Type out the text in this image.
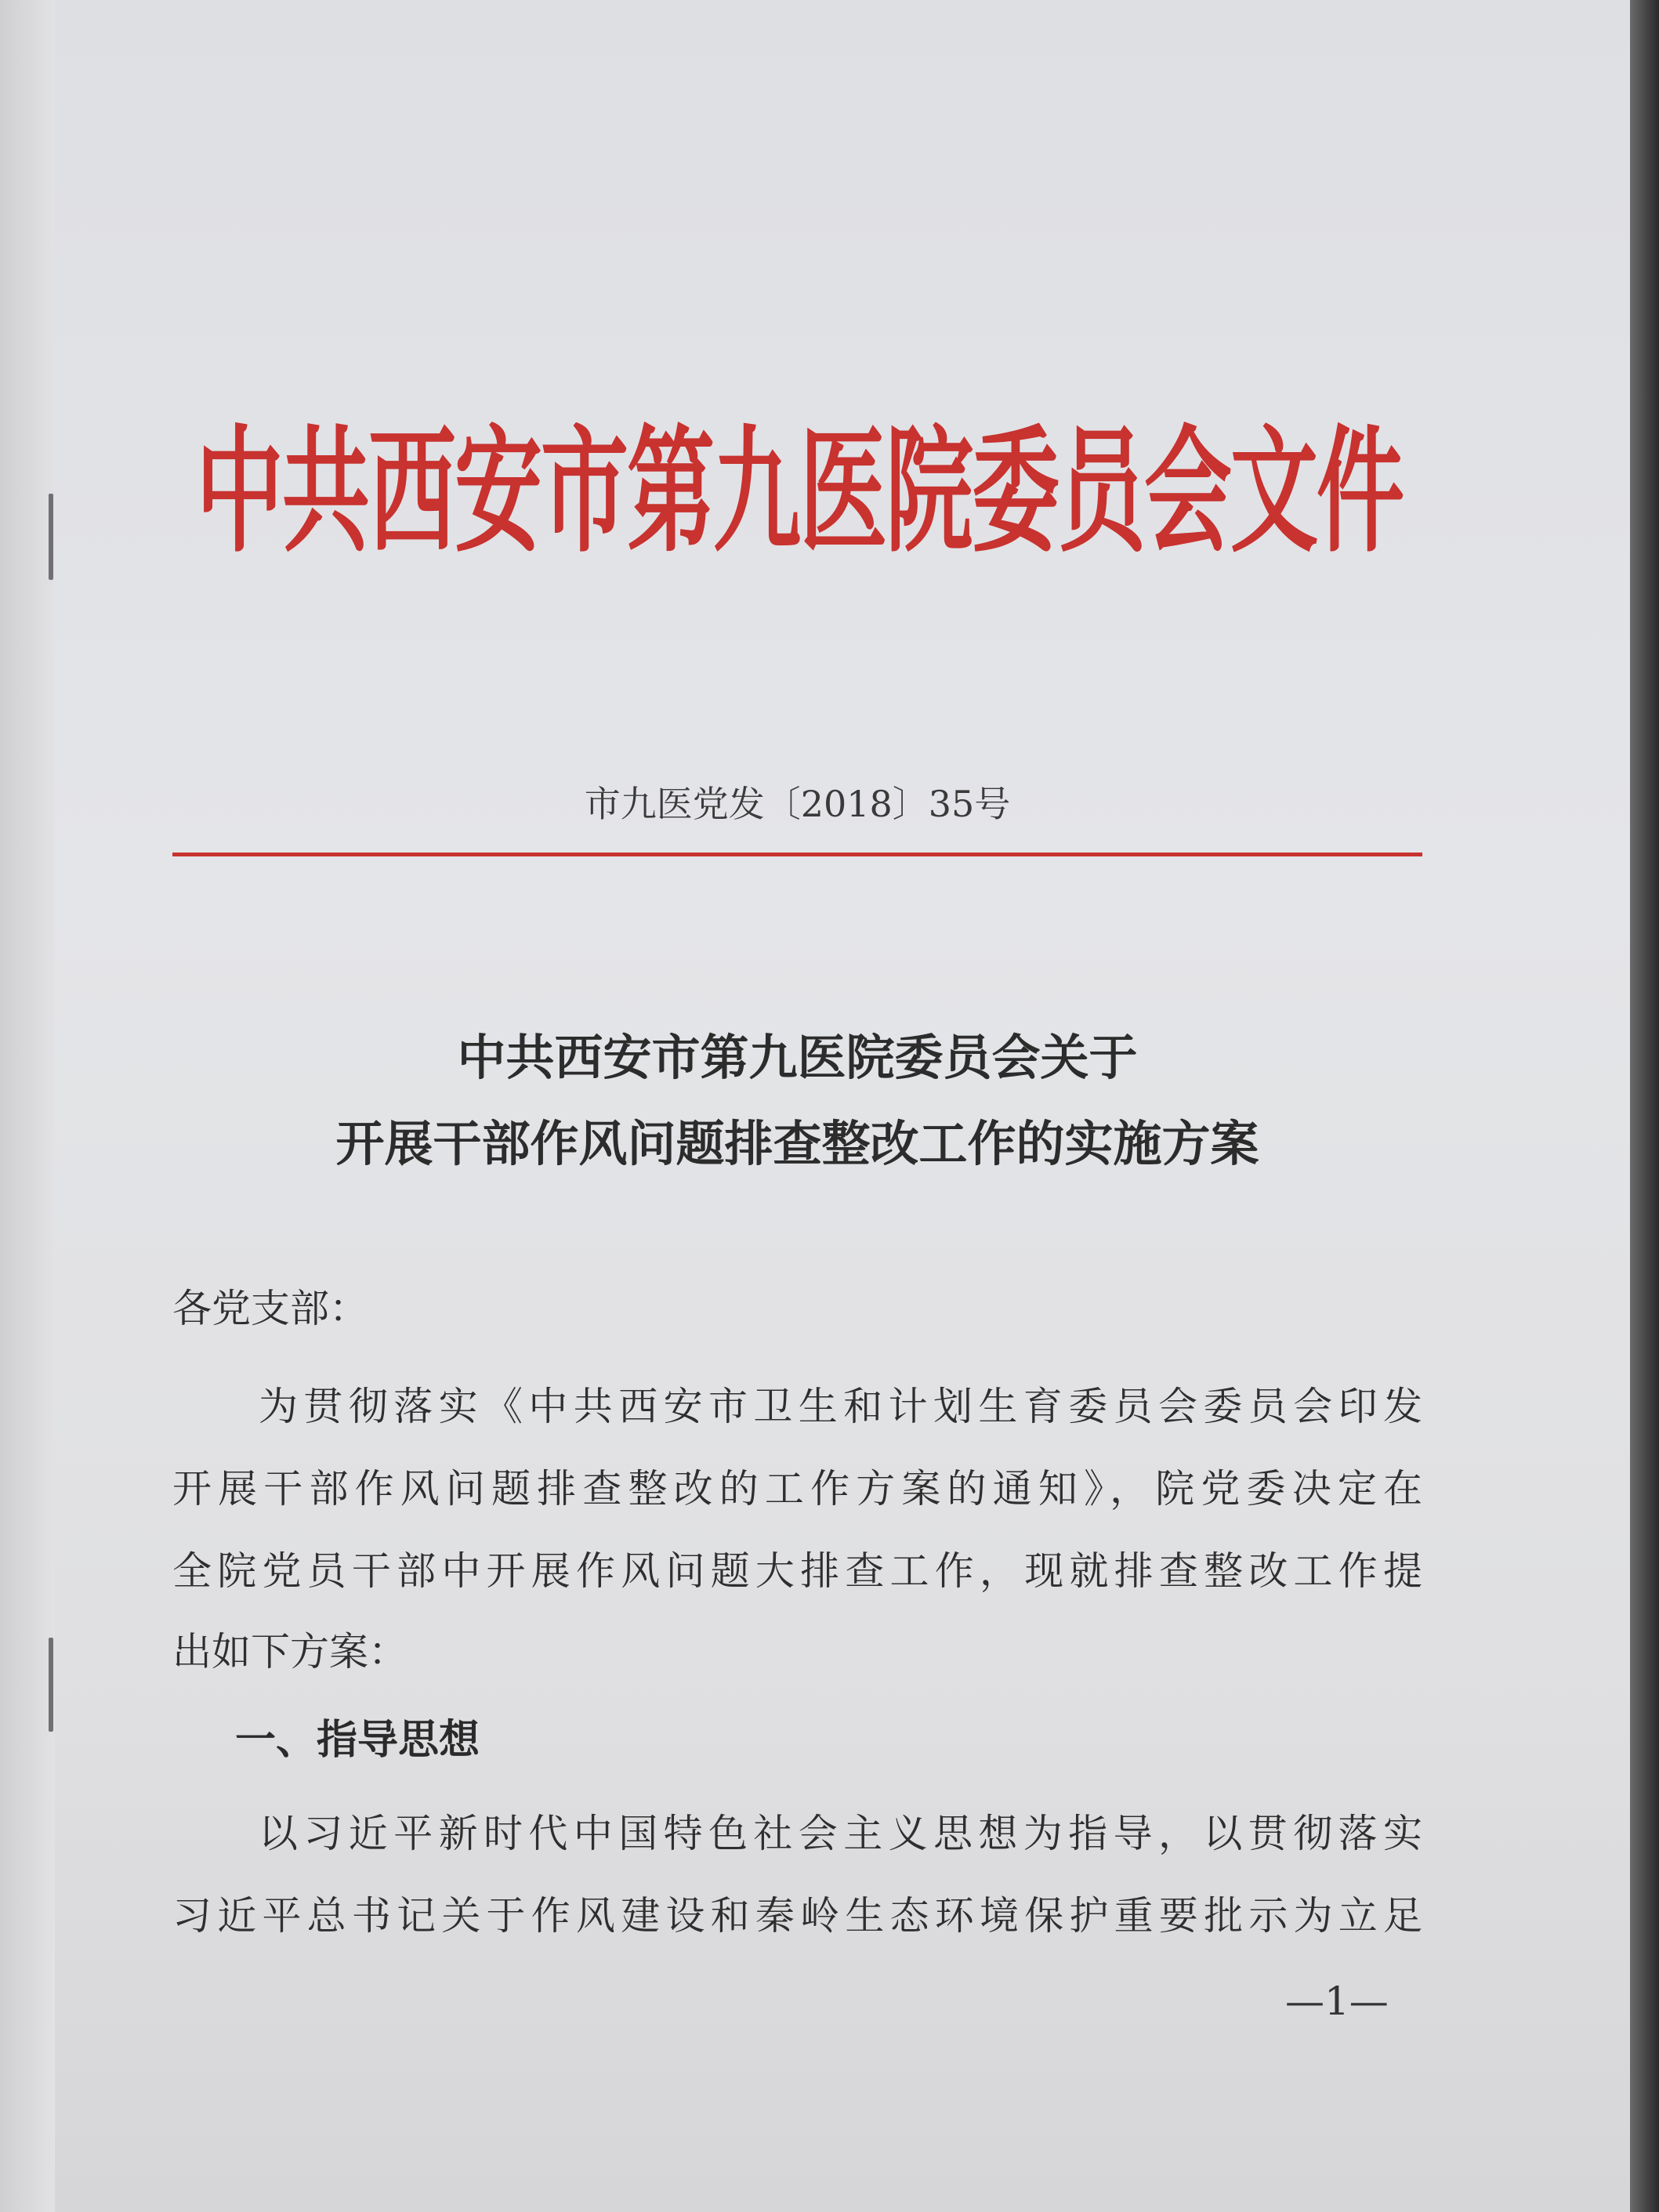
中共西安市第九医院委员会文件
市九医党发〔2018〕35号
中共西安市第九医院委员会关于
开展干部作风问题排查整改工作的实施方案
各党支部：
为贯彻落实《中共西安市卫生和计划生育委员会委员会印发
开展干部作风问题排查整改的工作方案的通知》，院党委决定在
全院党员干部中开展作风问题大排查工作，现就排查整改工作提
出如下方案：
一、指导思想
以习近平新时代中国特色社会主义思想为指导，以贯彻落实
习近平总书记关于作风建设和秦岭生态环境保护重要批示为立足
—1—
